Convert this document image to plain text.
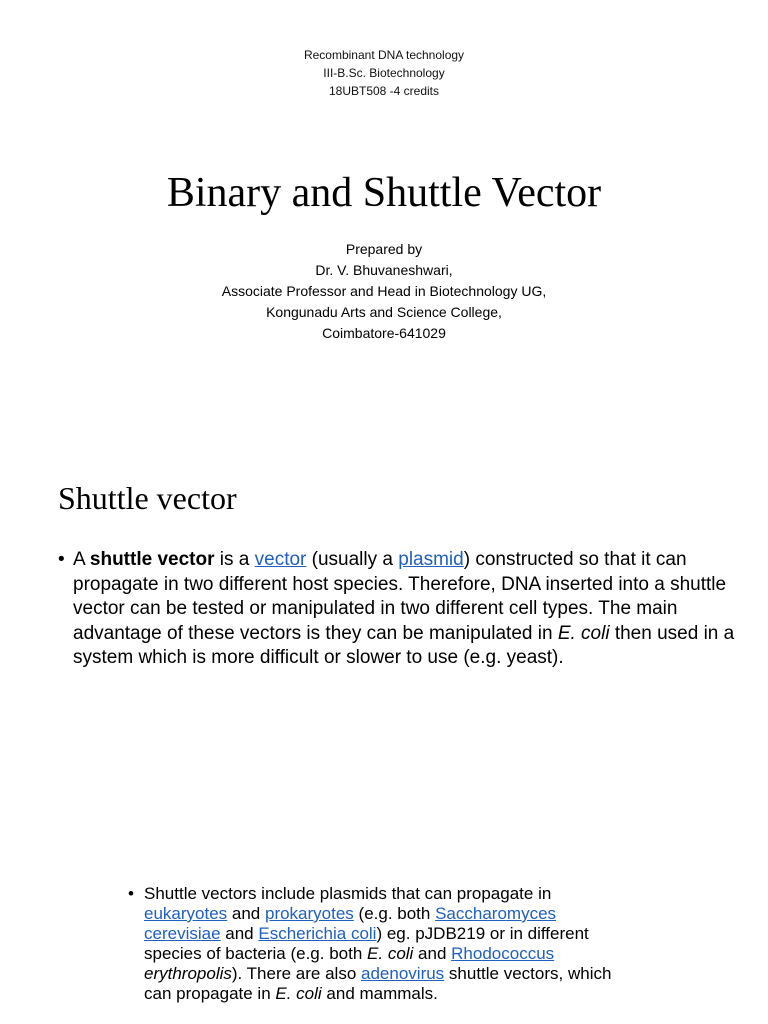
Recombinant DNA technology
III-B.Sc. Biotechnology
18UBT508 -4 credits
Binary and Shuttle Vector
Prepared by
Dr. V. Bhuvaneshwari,
Associate Professor and Head in Biotechnology UG,
Kongunadu Arts and Science College,
Coimbatore-641029
Shuttle vector
• A shuttle vector is a vector (usually a plasmid) constructed so that it can propagate in two different host species. Therefore, DNA inserted into a shuttle vector can be tested or manipulated in two different cell types. The main advantage of these vectors is they can be manipulated in E. coli then used in a system which is more difficult or slower to use (e.g. yeast).
• Shuttle vectors include plasmids that can propagate in eukaryotes and prokaryotes (e.g. both Saccharomyces cerevisiae and Escherichia coli) eg. pJDB219 or in different species of bacteria (e.g. both E. coli and Rhodococcus erythropolis). There are also adenovirus shuttle vectors, which can propagate in E. coli and mammals.
